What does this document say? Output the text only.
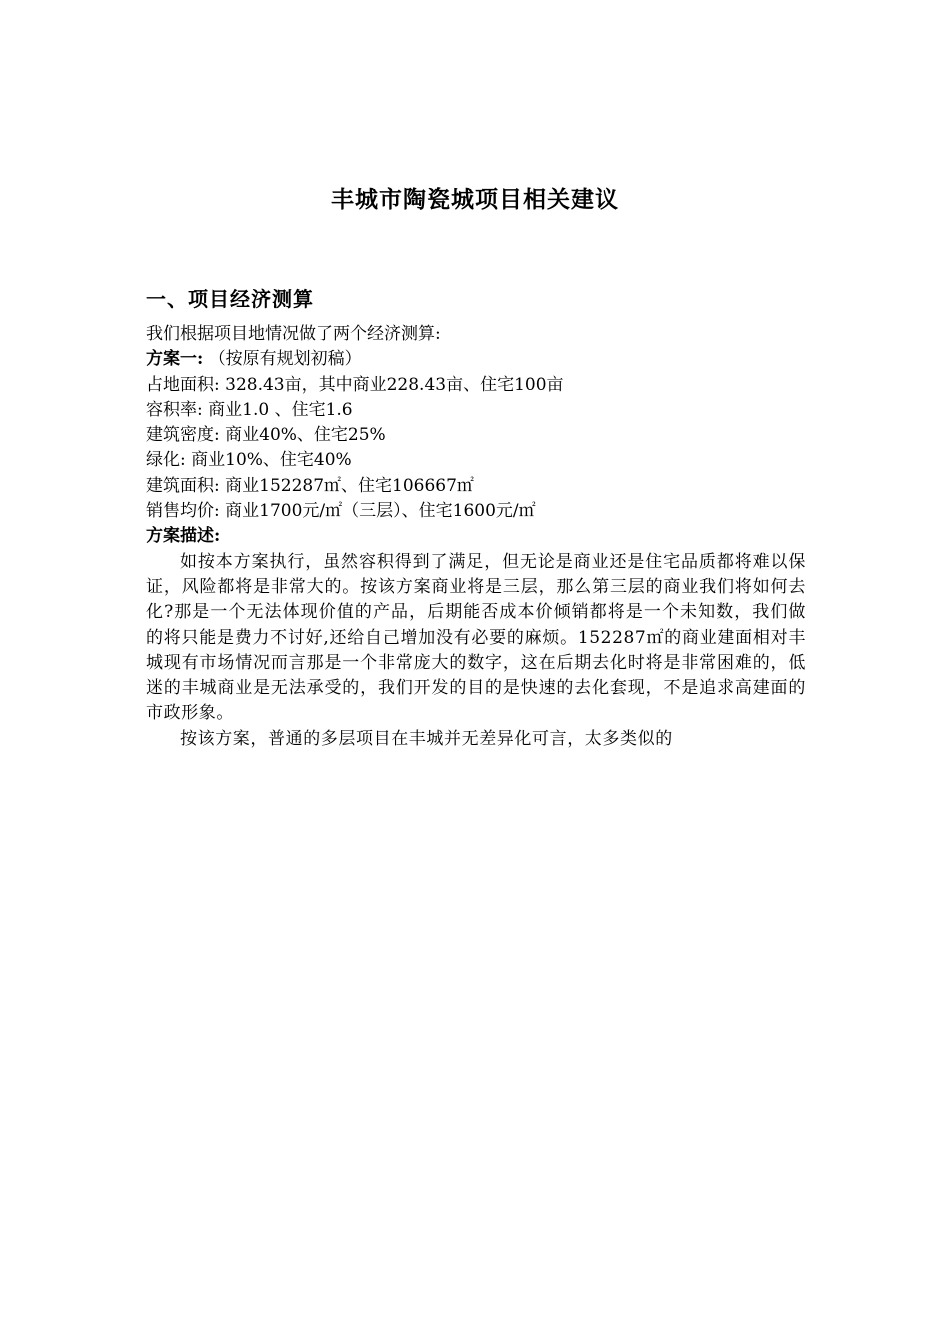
丰城市陶瓷城项目相关建议
一、项目经济测算
我们根据项目地情况做了两个经济测算:
方案一: （按原有规划初稿）
占地面积: 328.43亩，其中商业228.43亩、住宅100亩
容积率: 商业1.0 、住宅1.6
建筑密度: 商业40%、住宅25%
绿化: 商业10%、住宅40%
建筑面积: 商业152287㎡、住宅106667㎡
销售均价: 商业1700元/㎡（三层）、住宅1600元/㎡
方案描述:
如按本方案执行，虽然容积得到了满足，但无论是商业还是住宅品质都将难以保证，风险都将是非常大的。按该方案商业将是三层，那么第三层的商业我们将如何去化?那是一个无法体现价值的产品，后期能否成本价倾销都将是一个未知数，我们做的将只能是费力不讨好,还给自己增加没有必要的麻烦。152287㎡的商业建面相对丰城现有市场情况而言那是一个非常庞大的数字，这在后期去化时将是非常困难的，低迷的丰城商业是无法承受的，我们开发的目的是快速的去化套现，不是追求高建面的市政形象。
按该方案，普通的多层项目在丰城并无差异化可言，太多类似的
